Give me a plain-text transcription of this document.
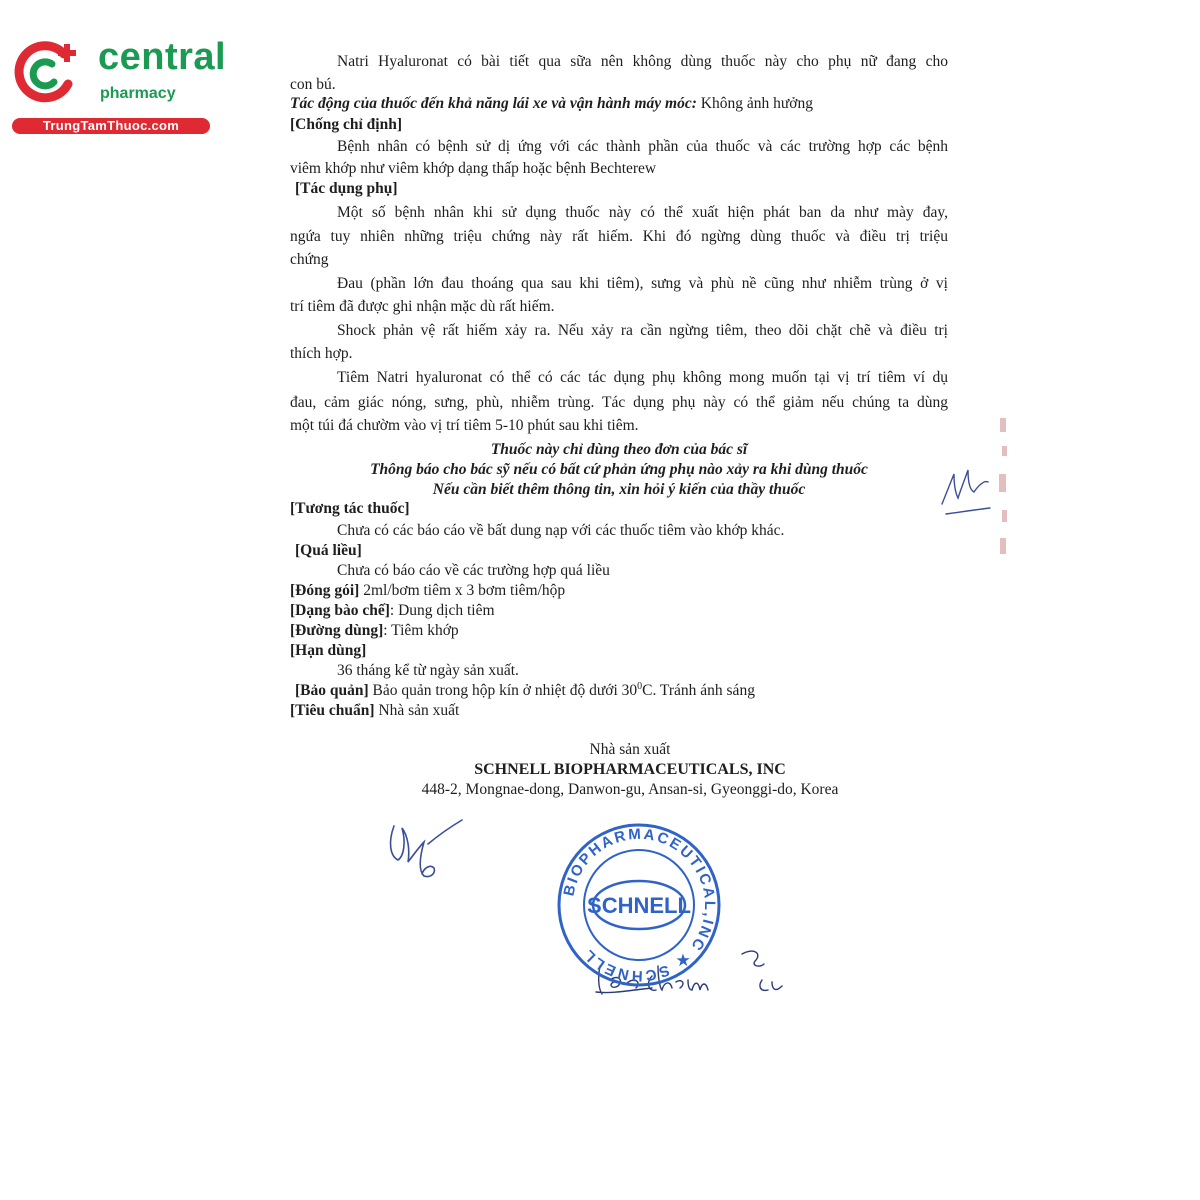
central
pharmacy
TrungTamThuoc.com
Natri Hyaluronat có bài tiết qua sữa nên không dùng thuốc này cho phụ nữ đang cho
con bú.
Tác động của thuốc đến khả năng lái xe và vận hành máy móc: Không ảnh hưởng
[Chống chỉ định]
Bệnh nhân có bệnh sử dị ứng với các thành phần của thuốc và các trường hợp các bệnh
viêm khớp như viêm khớp dạng thấp hoặc bệnh Bechterew
[Tác dụng phụ]
Một số bệnh nhân khi sử dụng thuốc này có thể xuất hiện phát ban da như mày đay,
ngứa tuy nhiên những triệu chứng này rất hiếm. Khi đó ngừng dùng thuốc và điều trị triệu
chứng
Đau (phần lớn đau thoáng qua sau khi tiêm), sưng và phù nề cũng như nhiễm trùng ở vị
trí tiêm đã được ghi nhận mặc dù rất hiếm.
Shock phản vệ rất hiếm xảy ra. Nếu xảy ra cần ngừng tiêm, theo dõi chặt chẽ và điều trị
thích hợp.
Tiêm Natri hyaluronat có thể có các tác dụng phụ không mong muốn tại vị trí tiêm ví dụ
đau, cảm giác nóng, sưng, phù, nhiễm trùng. Tác dụng phụ này có thể giảm nếu chúng ta dùng
một túi đá chườm vào vị trí tiêm 5-10 phút sau khi tiêm.
Thuốc này chỉ dùng theo đơn của bác sĩ
Thông báo cho bác sỹ nếu có bất cứ phản ứng phụ nào xảy ra khi dùng thuốc
Nếu cần biết thêm thông tin, xin hỏi ý kiến của thầy thuốc
[Tương tác thuốc]
Chưa có các báo cáo về bất dung nạp với các thuốc tiêm vào khớp khác.
[Quá liều]
Chưa có báo cáo về các trường hợp quá liều
[Đóng gói] 2ml/bơm tiêm x 3 bơm tiêm/hộp
[Dạng bào chế]: Dung dịch tiêm
[Đường dùng]: Tiêm khớp
[Hạn dùng]
36 tháng kể từ ngày sản xuất.
[Bảo quản] Bảo quản trong hộp kín ở nhiệt độ dưới $30^0C$. Tránh ánh sáng
[Tiêu chuẩn] Nhà sản xuất
Nhà sản xuất
SCHNELL BIOPHARMACEUTICALS, INC
448-2, Mongnae-dong, Danwon-gu, Ansan-si, Gyeonggi-do, Korea
BIOPHARMACEUTICAL,INC ★ SCHNELL
SCHNELL
